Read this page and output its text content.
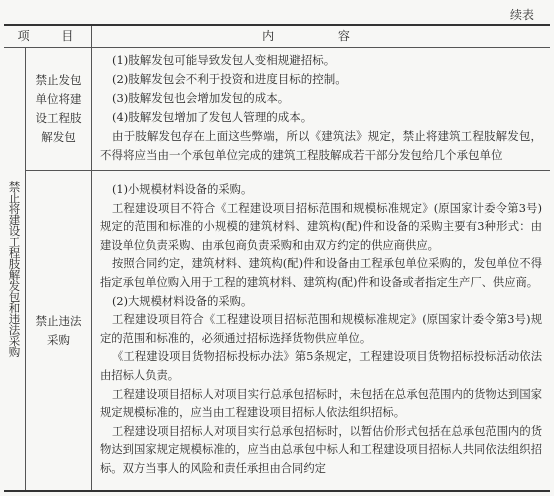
续表
项 目	内 容
禁止将建设工程肢解发包和违法采购
禁止发包单位将建设工程肢解发包

(1)肢解发包可能导致发包人变相规避招标。

(2)肢解发包会不利于投资和进度目标的控制。

(3)肢解发包也会增加发包的成本。

(4)肢解发包增加了发包人管理的成本。

由于肢解发包存在上面这些弊端，所以《建筑法》规定，禁止将建筑工程肢解发包，不得将应当由一个承包单位完成的建筑工程肢解成若干部分发包给几个承包单位

禁止违法采购

(1)小规模材料设备的采购。

工程建设项目不符合《工程建设项目招标范围和规模标准规定》(原国家计委令第3号)规定的范围和标准的小规模的建筑材料、建筑构(配)件和设备的采购主要有3种形式：由建设单位负责采购、由承包商负责采购和由双方约定的供应商供应。

按照合同约定，建筑材料、建筑构(配)件和设备由工程承包单位采购的，发包单位不得指定承包单位购入用于工程的建筑材料、建筑构(配)件和设备或者指定生产厂、供应商。

(2)大规模材料设备的采购。

工程建设项目符合《工程建设项目招标范围和规模标准规定》(原国家计委令第3号)规定的范围和标准的，必须通过招标选择货物供应单位。

《工程建设项目货物招标投标办法》第5条规定，工程建设项目货物招标投标活动依法由招标人负责。

工程建设项目招标人对项目实行总承包招标时，未包括在总承包范围内的货物达到国家规定规模标准的，应当由工程建设项目招标人依法组织招标。

工程建设项目招标人对项目实行总承包招标时，以暂估价形式包括在总承包范围内的货物达到国家规定规模标准的，应当由总承包中标人和工程建设项目招标人共同依法组织招标。双方当事人的风险和责任承担由合同约定
